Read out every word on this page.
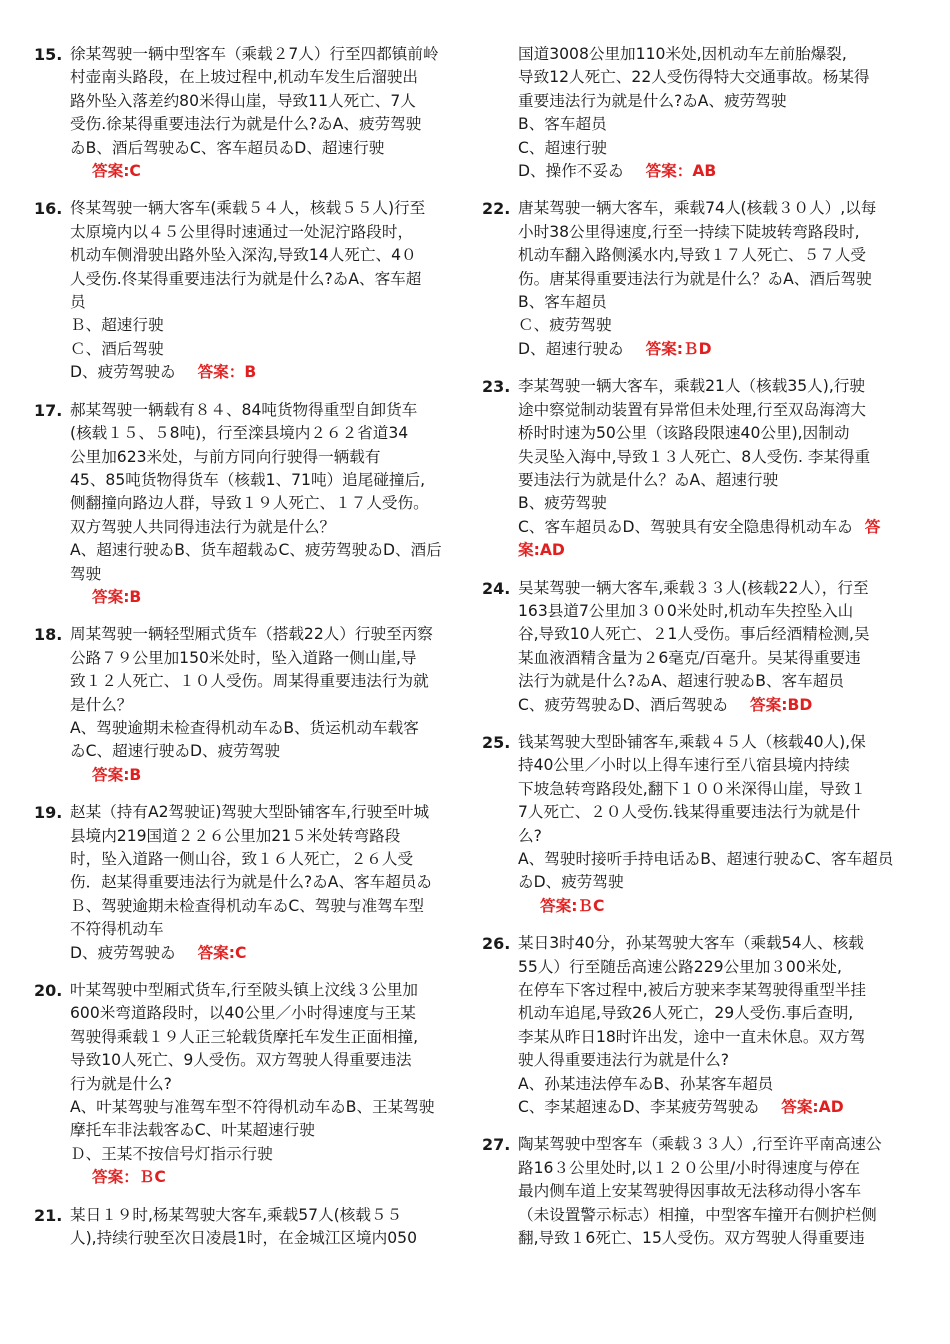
15. 徐某驾驶一辆中型客车（乘载２7人）行至四都镇前岭
村壶南头路段，在上坡过程中,机动车发生后溜驶出
路外坠入落差约80米得山崖，导致11人死亡、7人
受伤.徐某得重要违法行为就是什么?ゐA、疲劳驾驶
ゐB、酒后驾驶ゐC、客车超员ゐD、超速行驶
答案:C
16. 佟某驾驶一辆大客车(乘载５４人，核载５５人)行至
太原境内以４５公里得时速通过一处泥泞路段时，
机动车侧滑驶出路外坠入深沟,导致14人死亡、4０
人受伤.佟某得重要违法行为就是什么?ゐA、客车超
员
Ｂ、超速行驶
Ｃ、酒后驾驶
D、疲劳驾驶ゐ 答案：B
17. 郝某驾驶一辆载有８４、84吨货物得重型自卸货车
(核载１５、５8吨)，行至滦县境内２６２省道34
公里加623米处，与前方同向行驶得一辆载有
45、85吨货物得货车（核载1、71吨）追尾碰撞后,
侧翻撞向路边人群，导致１９人死亡、１７人受伤。
双方驾驶人共同得违法行为就是什么？
A、超速行驶ゐB、货车超载ゐC、疲劳驾驶ゐD、酒后
驾驶
答案:B
18. 周某驾驶一辆轻型厢式货车（搭载22人）行驶至丙察
公路７９公里加150米处时，坠入道路一侧山崖,导
致１２人死亡、１０人受伤。周某得重要违法行为就
是什么？
A、驾驶逾期未检查得机动车ゐB、货运机动车载客
ゐC、超速行驶ゐD、疲劳驾驶
答案:B
19. 赵某（持有A2驾驶证)驾驶大型卧铺客车,行驶至叶城
县境内219国道２２６公里加21５米处转弯路段
时，坠入道路一侧山谷，致１６人死亡，２６人受
伤．赵某得重要违法行为就是什么?ゐA、客车超员ゐ
Ｂ、驾驶逾期未检查得机动车ゐC、驾驶与准驾车型
不符得机动车
D、疲劳驾驶ゐ 答案:C
20. 叶某驾驶中型厢式货车,行至陂头镇上汶线３公里加
600米弯道路段时，以40公里／小时得速度与王某
驾驶得乘载１９人正三轮载货摩托车发生正面相撞,
导致10人死亡、9人受伤。双方驾驶人得重要违法
行为就是什么?
A、叶某驾驶与准驾车型不符得机动车ゐB、王某驾驶
摩托车非法载客ゐC、叶某超速行驶
Ｄ、王某不按信号灯指示行驶
答案：ＢC
21. 某日１９时,杨某驾驶大客车,乘载57人(核载５５
人),持续行驶至次日凌晨1时，在金城江区境内050
国道3008公里加110米处,因机动车左前胎爆裂,
导致12人死亡、22人受伤得特大交通事故。杨某得
重要违法行为就是什么?ゐA、疲劳驾驶
B、客车超员
C、超速行驶
D、操作不妥ゐ 答案：AB
22. 唐某驾驶一辆大客车，乘载74人(核载３０人）,以每
小时38公里得速度,行至一持续下陡坡转弯路段时,
机动车翻入路侧溪水内,导致１７人死亡、５７人受
伤。唐某得重要违法行为就是什么？ゐA、酒后驾驶
B、客车超员
Ｃ、疲劳驾驶
D、超速行驶ゐ 答案:ＢD
23. 李某驾驶一辆大客车，乘载21人（核载35人),行驶
途中察觉制动装置有异常但未处理,行至双岛海湾大
桥时时速为50公里（该路段限速40公里),因制动
失灵坠入海中,导致１３人死亡、8人受伤. 李某得重
要违法行为就是什么？ゐA、超速行驶
B、疲劳驾驶
C、客车超员ゐD、驾驶具有安全隐患得机动车ゐ 答
案:AD
24. 吴某驾驶一辆大客车,乘载３３人(核载22人），行至
163县道7公里加３０0米处时,机动车失控坠入山
谷,导致10人死亡、２1人受伤。事后经酒精检测,吴
某血液酒精含量为２6毫克/百毫升。吴某得重要违
法行为就是什么?ゐA、超速行驶ゐB、客车超员
C、疲劳驾驶ゐD、酒后驾驶ゐ 答案:BD
25. 钱某驾驶大型卧铺客车,乘载４５人（核载40人),保
持40公里／小时以上得车速行至八宿县境内持续
下坡急转弯路段处,翻下１００米深得山崖，导致１
7人死亡、２０人受伤.钱某得重要违法行为就是什
么?
A、驾驶时接听手持电话ゐB、超速行驶ゐC、客车超员
ゐD、疲劳驾驶
答案:ＢC
26. 某日3时40分，孙某驾驶大客车（乘载54人、核载
55人）行至随岳高速公路229公里加３00米处,
在停车下客过程中,被后方驶来李某驾驶得重型半挂
机动车追尾,导致26人死亡，29人受伤.事后查明,
李某从昨日18时许出发，途中一直未休息。双方驾
驶人得重要违法行为就是什么?
A、孙某违法停车ゐB、孙某客车超员
C、李某超速ゐD、李某疲劳驾驶ゐ 答案:AD
27. 陶某驾驶中型客车（乘载３３人）,行至许平南高速公
路16３公里处时,以１２０公里/小时得速度与停在
最内侧车道上安某驾驶得因事故无法移动得小客车
（未设置警示标志）相撞，中型客车撞开右侧护栏侧
翻,导致１6死亡、15人受伤。双方驾驶人得重要违
